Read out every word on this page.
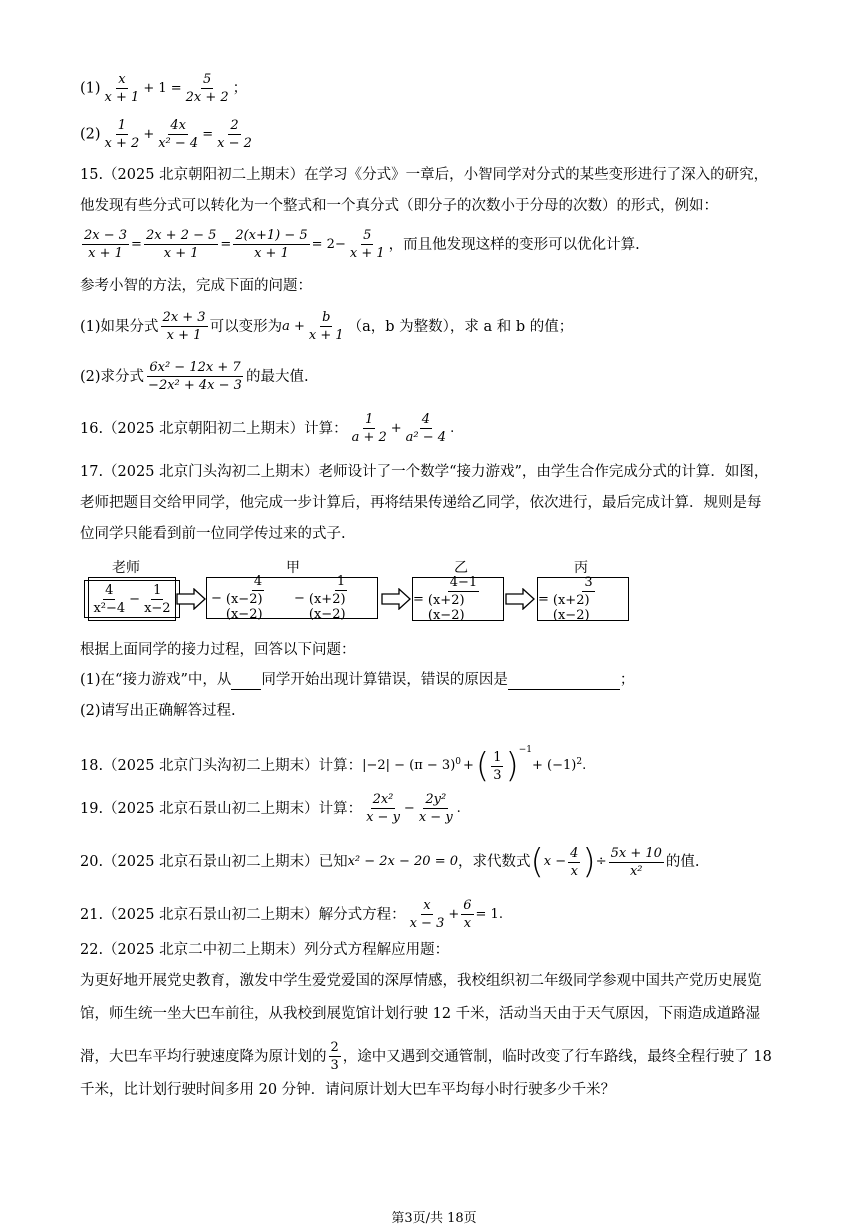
$(1) \frac{x}{x + 1} + 1 = \frac{5}{2x + 2}$ ；
$(2) \frac{1}{x + 2} + \frac{4x}{\text{x² − 4}} = \frac{2}{x - 2}$
15.（2025 北京朝阳初二上期末）在学习《分式》一章后，小智同学对分式的某些变形进行了深入的研究，
他发现有些分式可以转化为一个整式和一个真分式（即分子的次数小于分母的次数）的形式，例如：
$\frac{2x - 3}{x + 1} = \frac{2x + 2 - 5}{x + 1} = \frac{2(x+1) - 5}{x + 1} = 2- \frac{5}{x + 1}$ ，而且他发现这样的变形可以优化计算.
参考小智的方法，完成下面的问题：
(1)如果分式 $\frac{2x + 3}{x + 1}$ 可以变形为$a + \frac{b}{x + 1} (a$，b 为整数），求 a 和 b 的值；
(2)求分式 $\frac{\text{6x² − 12x + 7}}{\text{−2x² + 4x − 3}}$ 的最大值.
16.（2025 北京朝阳初二上期末）计算： $\frac{1}{a + 2} + \frac{4}{\text{a² − 4}}$ .
17.（2025 北京门头沟初二上期末）老师设计了一个数学“接力游戏”，由学生合作完成分式的计算．如图，
老师把题目交给甲同学，他完成一步计算后，再将结果传递给乙同学，依次进行，最后完成计算．规则是每
位同学只能看到前一位同学传过来的式子.
老师	甲	乙	丙
$\frac{4}{\text{x²−4}} - \frac{1}{x-2}$	− $\frac{4}{(x-2) (x-2)} - \frac{1}{(x+2) (x-2)}$	= $\frac{4-1}{(x+2) (x-2)}$	= $\frac{3}{(x+2) (x-2)}$
根据上面同学的接力过程，回答以下问题：
(1)在“接力游戏”中，从 同学开始出现计算错误，错误的原因是	；
(2)请写出正确解答过程.
18.（2025 北京门头沟初二上期末）计算：$|-2| - (\pi - 3)^0$ +( $\frac{1}{3} )^{-1}+ (-1)^2$.
19.（2025 北京石景山初二上期末）计算： $\frac{\text{2x²}}{x - y} - \frac{\text{2y²}}{x - y}$ .
20.（2025 北京石景山初二上期末）已知x² − 2x − 20 = 0，求代数式($x - \frac{4}{x}$ )÷ $\frac{5x + 10}{\text{x²}}$ 的值.
21.（2025 北京石景山初二上期末）解分式方程： $\frac{x}{x - 3} + \frac{6}{x} = 1$.
22.（2025 北京二中初二上期末）列分式方程解应用题：
为更好地开展党史教育，激发中学生爱党爱国的深厚情感，我校组织初二年级同学参观中国共产党历史展览
馆，师生统一坐大巴车前往，从我校到展览馆计划行驶 12 千米，活动当天由于天气原因，下雨造成道路湿
滑，大巴车平均行驶速度降为原计划的 $\frac{2}{3}$ ，途中又遇到交通管制，临时改变了行车路线，最终全程行驶了 18
千米，比计划行驶时间多用 20 分钟．请问原计划大巴车平均每小时行驶多少千米？
第3页/共 18页
